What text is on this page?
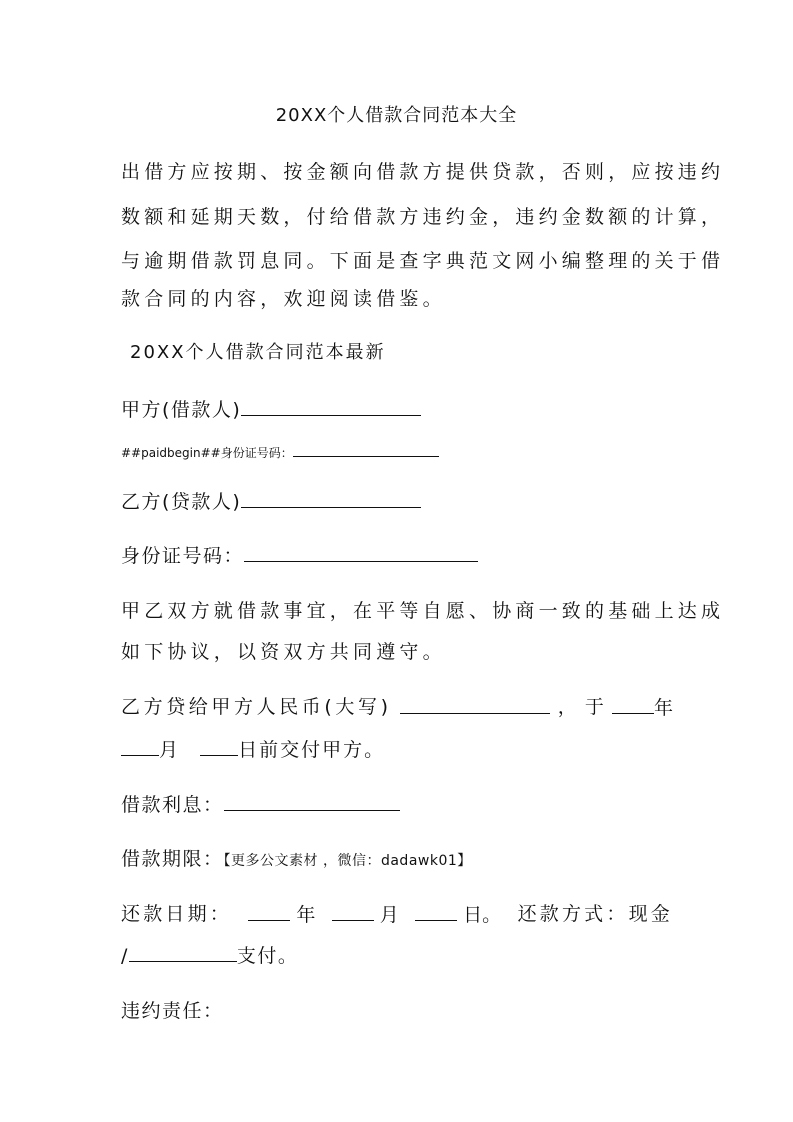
20XX个人借款合同范本大全
出借方应按期、按金额向借款方提供贷款，否则，应按违约
数额和延期天数，付给借款方违约金，违约金数额的计算，
与逾期借款罚息同。下面是查字典范文网小编整理的关于借
款合同的内容，欢迎阅读借鉴。
20XX个人借款合同范本最新
甲方(借款人)
##paidbegin##身份证号码：
乙方(贷款人)
身份证号码：
甲乙双方就借款事宜，在平等自愿、协商一致的基础上达成
如下协议，以资双方共同遵守。
乙方贷给甲方人民币(大写)	， 于	年
月	日前交付甲方。
借款利息：
借款期限：【更多公文素材 ，微信：dadawk01】
还款日期：	年	月	日。 还款方式：现金
/	支付。
违约责任：
